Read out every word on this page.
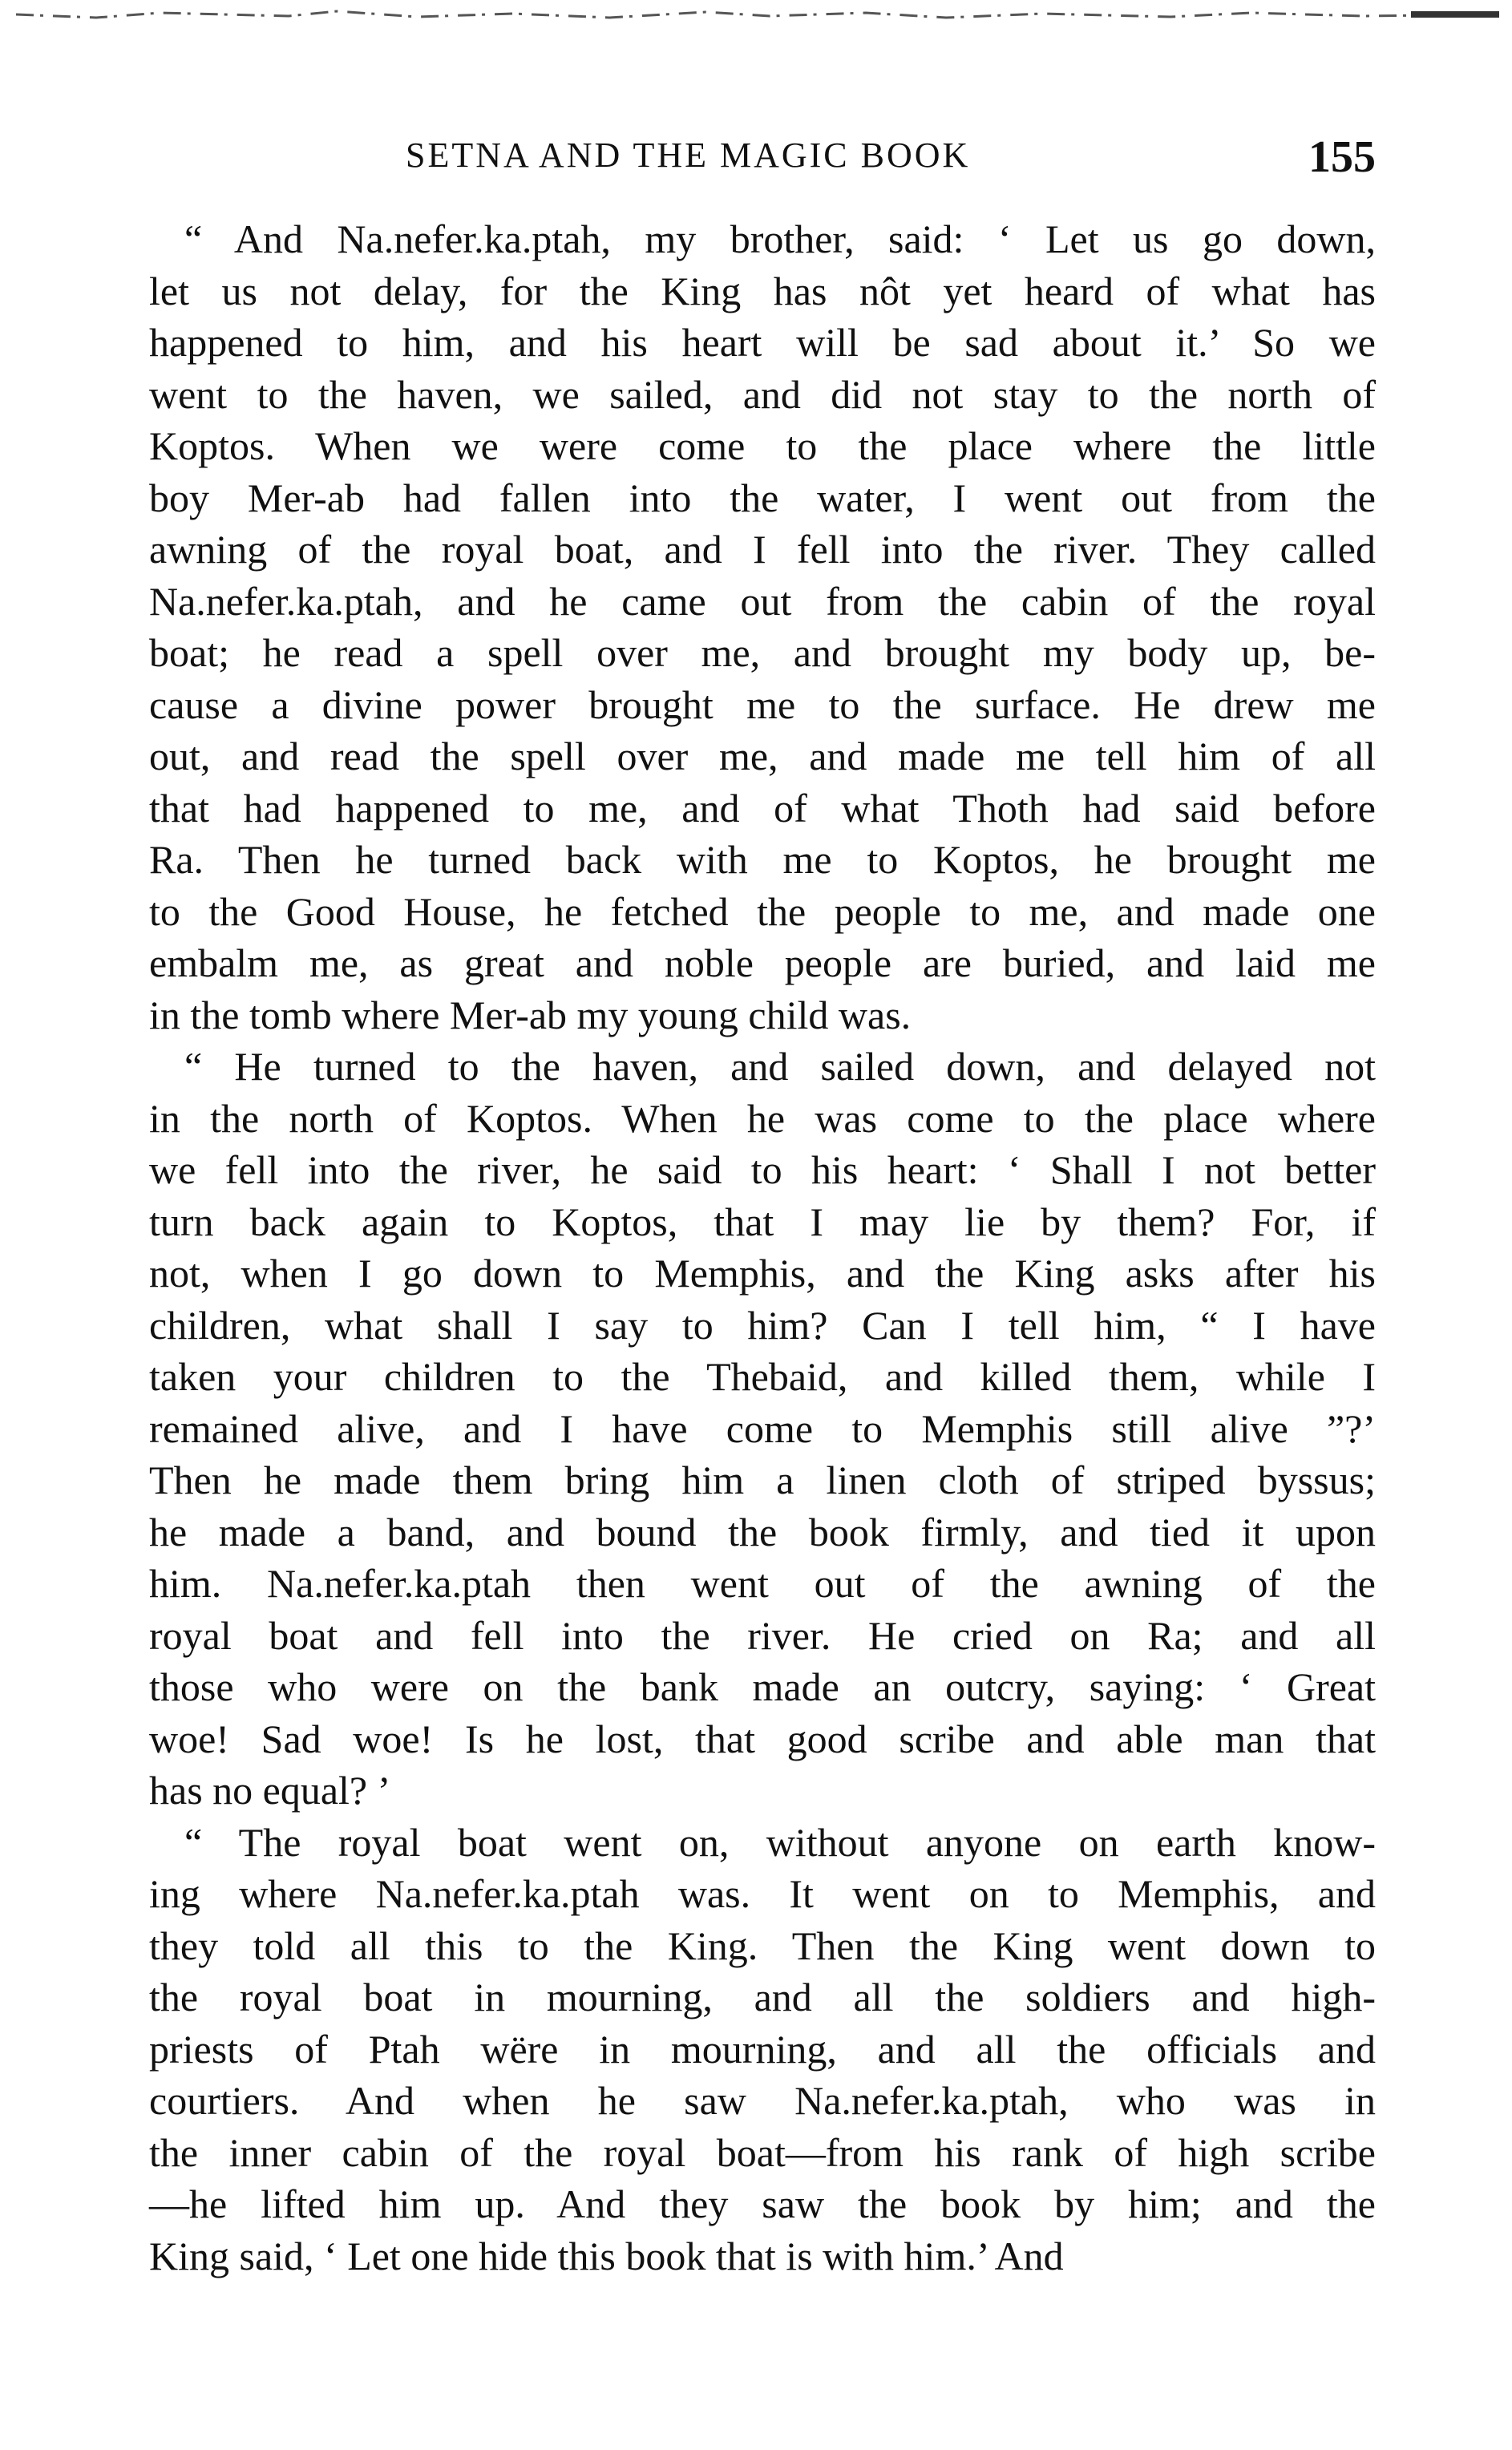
SETNA AND THE MAGIC BOOK	155
“ And Na.nefer.ka.ptah, my brother, said: ‘ Let us go down,
let us not delay, for the King has nôt yet heard of what has
happened to him, and his heart will be sad about it.’ So we
went to the haven, we sailed, and did not stay to the north of
Koptos. When we were come to the place where the little
boy Mer-ab had fallen into the water, I went out from the
awning of the royal boat, and I fell into the river. They called
Na.nefer.ka.ptah, and he came out from the cabin of the royal
boat; he read a spell over me, and brought my body up, be-
cause a divine power brought me to the surface. He drew me
out, and read the spell over me, and made me tell him of all
that had happened to me, and of what Thoth had said before
Ra. Then he turned back with me to Koptos, he brought me
to the Good House, he fetched the people to me, and made one
embalm me, as great and noble people are buried, and laid me
in the tomb where Mer-ab my young child was.
“ He turned to the haven, and sailed down, and delayed not
in the north of Koptos. When he was come to the place where
we fell into the river, he said to his heart: ‘ Shall I not better
turn back again to Koptos, that I may lie by them? For, if
not, when I go down to Memphis, and the King asks after his
children, what shall I say to him? Can I tell him, “ I have
taken your children to the Thebaid, and killed them, while I
remained alive, and I have come to Memphis still alive ”?’
Then he made them bring him a linen cloth of striped byssus;
he made a band, and bound the book firmly, and tied it upon
him. Na.nefer.ka.ptah then went out of the awning of the
royal boat and fell into the river. He cried on Ra; and all
those who were on the bank made an outcry, saying: ‘ Great
woe! Sad woe! Is he lost, that good scribe and able man that
has no equal? ’
“ The royal boat went on, without anyone on earth know-
ing where Na.nefer.ka.ptah was. It went on to Memphis, and
they told all this to the King. Then the King went down to
the royal boat in mourning, and all the soldiers and high-
priests of Ptah wëre in mourning, and all the officials and
courtiers. And when he saw Na.nefer.ka.ptah, who was in
the inner cabin of the royal boat—from his rank of high scribe
—he lifted him up. And they saw the book by him; and the
King said, ‘ Let one hide this book that is with him.’ And
